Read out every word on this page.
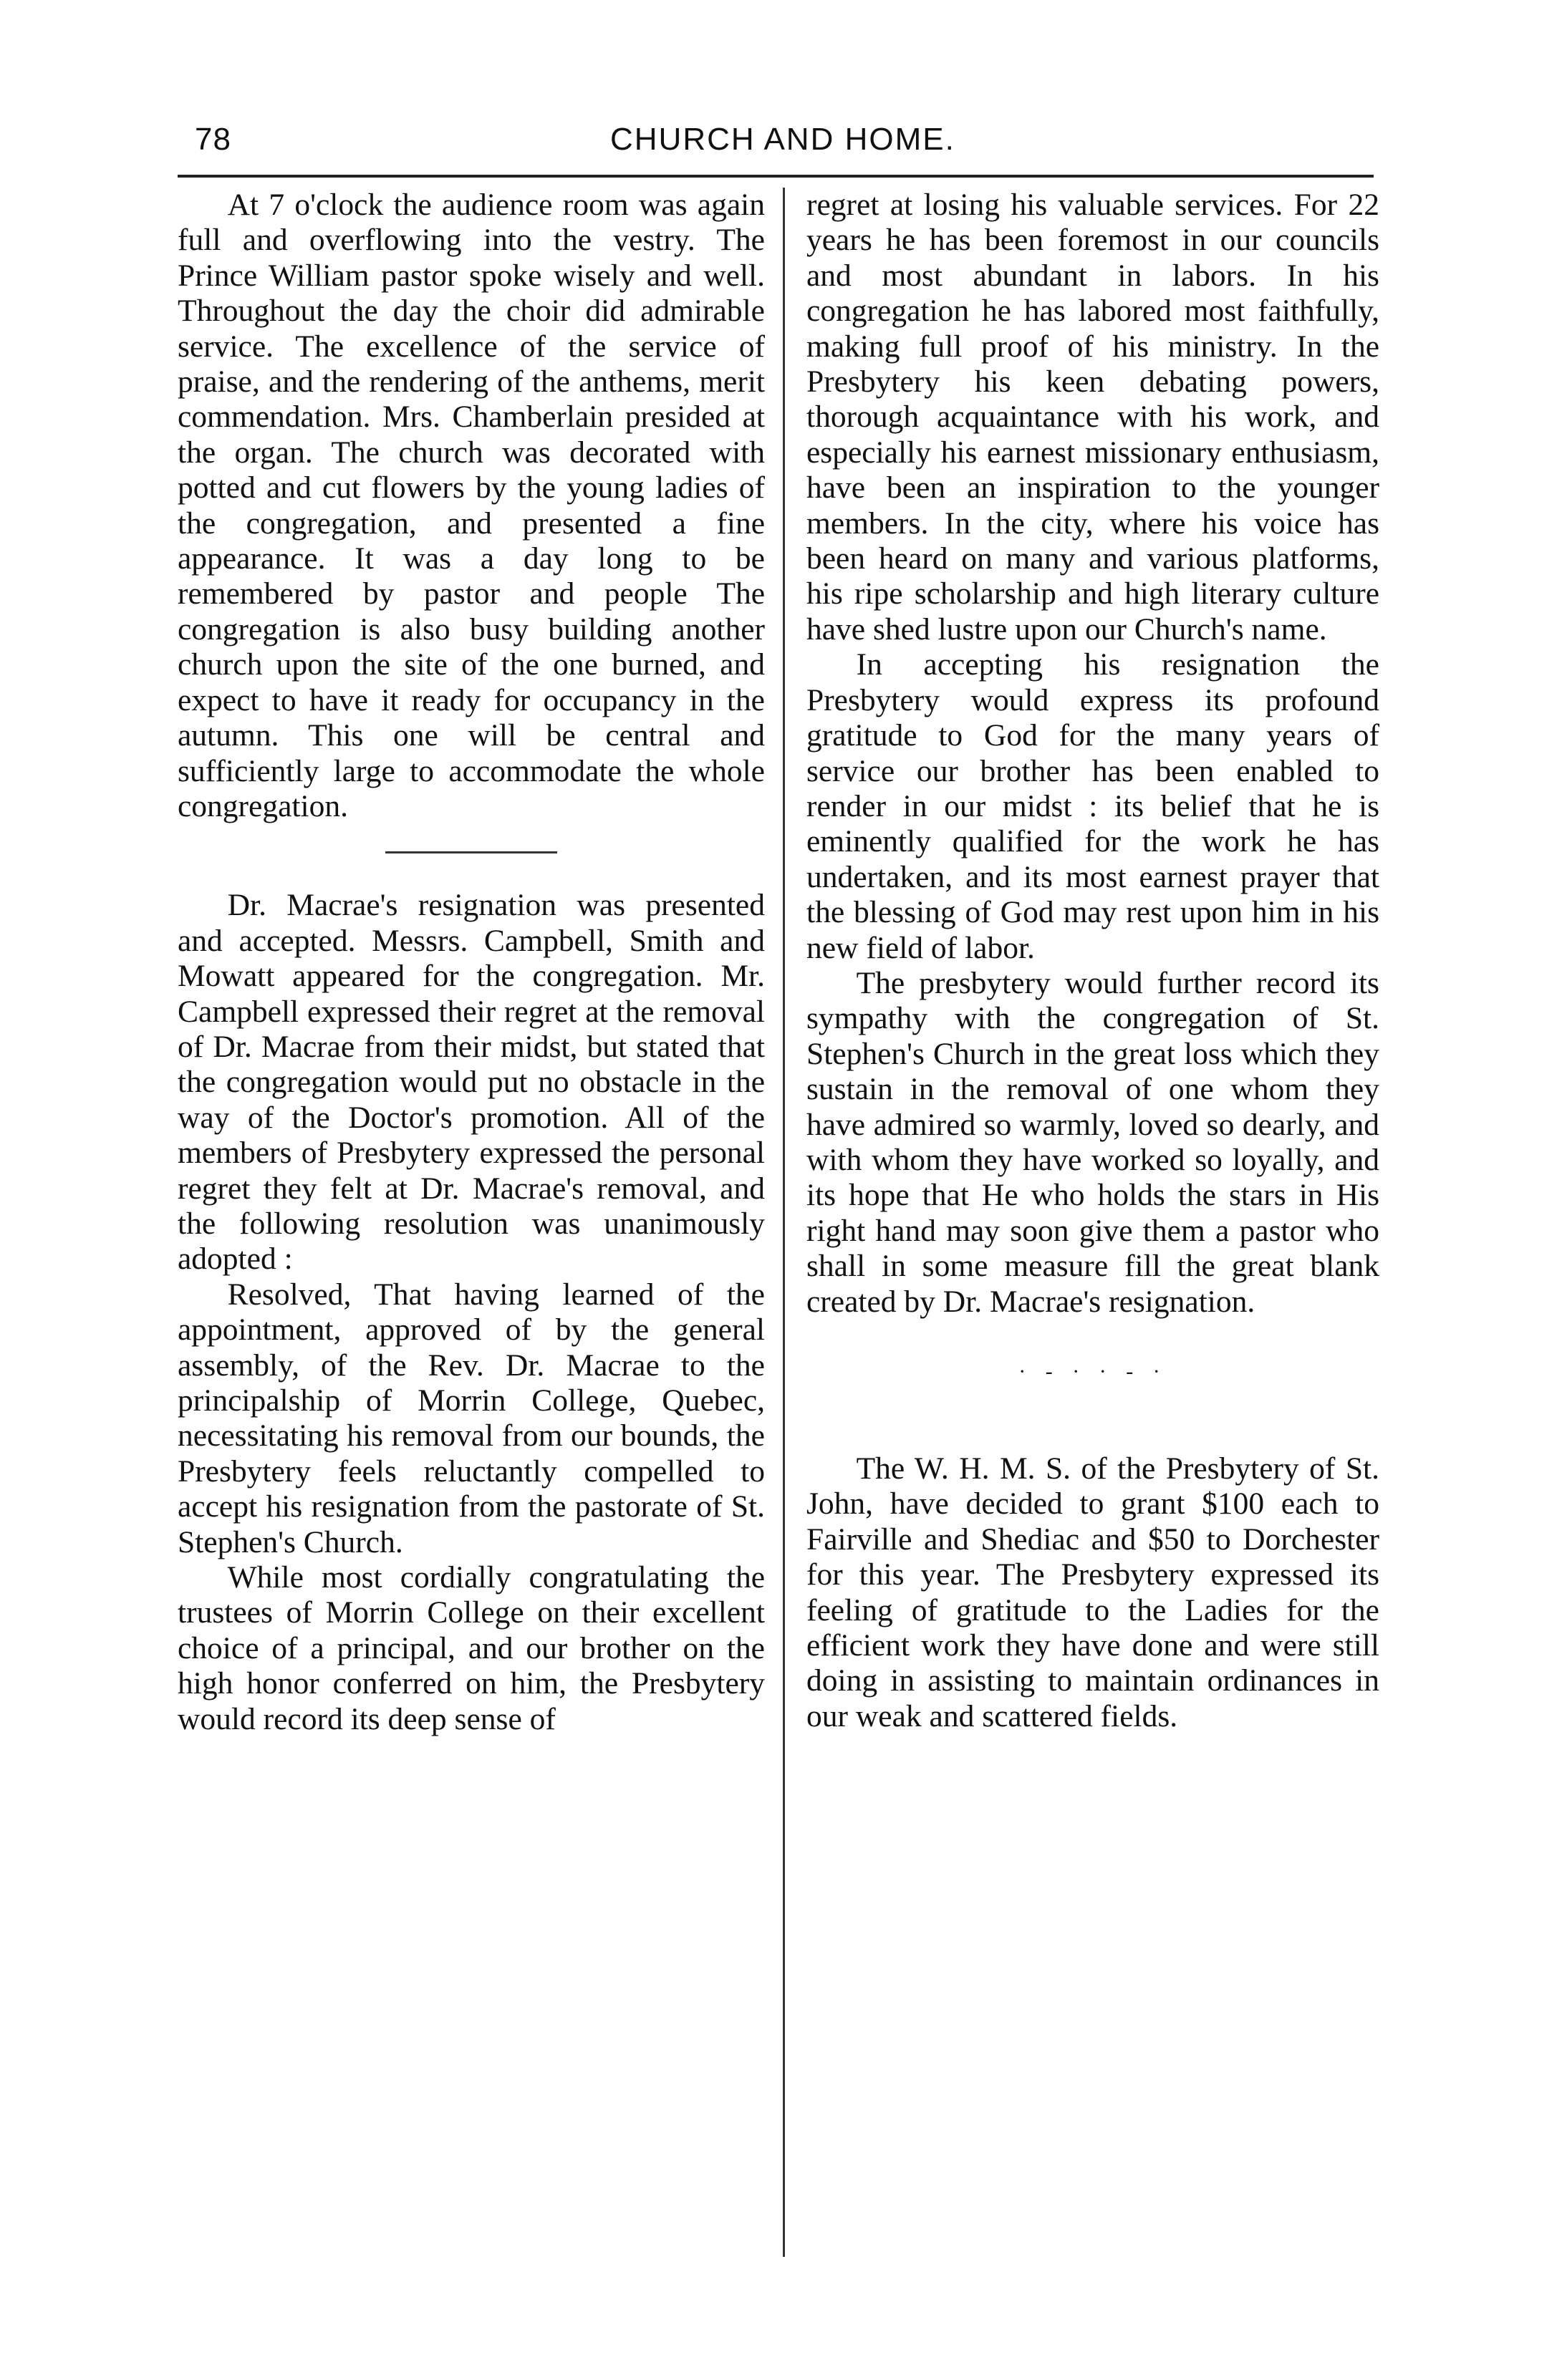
78	CHURCH AND HOME.

At 7 o'clock the audience room was again full and overflowing into the vestry. The Prince William pastor spoke wisely and well. Throughout the day the choir did admirable service. The excellence of the service of praise, and the rendering of the anthems, merit commendation. Mrs. Chamberlain presided at the organ. The church was decorated with potted and cut flowers by the young ladies of the congregation, and presented a fine appearance. It was a day long to be remembered by pastor and people The congregation is also busy building another church upon the site of the one burned, and expect to have it ready for occupancy in the autumn. This one will be central and sufficiently large to accommodate the whole congregation.

Dr. Macrae's resignation was presented and accepted. Messrs. Campbell, Smith and Mowatt appeared for the congregation. Mr. Campbell expressed their regret at the removal of Dr. Macrae from their midst, but stated that the congregation would put no obstacle in the way of the Doctor's promotion. All of the members of Presbytery expressed the personal regret they felt at Dr. Macrae's removal, and the following resolution was unanimously adopted :

Resolved, That having learned of the appointment, approved of by the general assembly, of the Rev. Dr. Macrae to the principalship of Morrin College, Quebec, necessitating his removal from our bounds, the Presbytery feels reluctantly compelled to accept his resignation from the pastorate of St. Stephen's Church.

While most cordially congratulating the trustees of Morrin College on their excellent choice of a principal, and our brother on the high honor conferred on him, the Presbytery would record its deep sense of

regret at losing his valuable services. For 22 years he has been foremost in our councils and most abundant in labors. In his congregation he has labored most faithfully, making full proof of his ministry. In the Presbytery his keen debating powers, thorough acquaintance with his work, and especially his earnest missionary enthusiasm, have been an inspiration to the younger members. In the city, where his voice has been heard on many and various platforms, his ripe scholarship and high literary culture have shed lustre upon our Church's name.

In accepting his resignation the Presbytery would express its profound gratitude to God for the many years of service our brother has been enabled to render in our midst : its belief that he is eminently qualified for the work he has undertaken, and its most earnest prayer that the blessing of God may rest upon him in his new field of labor.

The presbytery would further record its sympathy with the congregation of St. Stephen's Church in the great loss which they sustain in the removal of one whom they have admired so warmly, loved so dearly, and with whom they have worked so loyally, and its hope that He who holds the stars in His right hand may soon give them a pastor who shall in some measure fill the great blank created by Dr. Macrae's resignation.

· - · · - ·

The W. H. M. S. of the Presbytery of St. John, have decided to grant $100 each to Fairville and Shediac and $50 to Dorchester for this year. The Presbytery expressed its feeling of gratitude to the Ladies for the efficient work they have done and were still doing in assisting to maintain ordinances in our weak and scattered fields.
